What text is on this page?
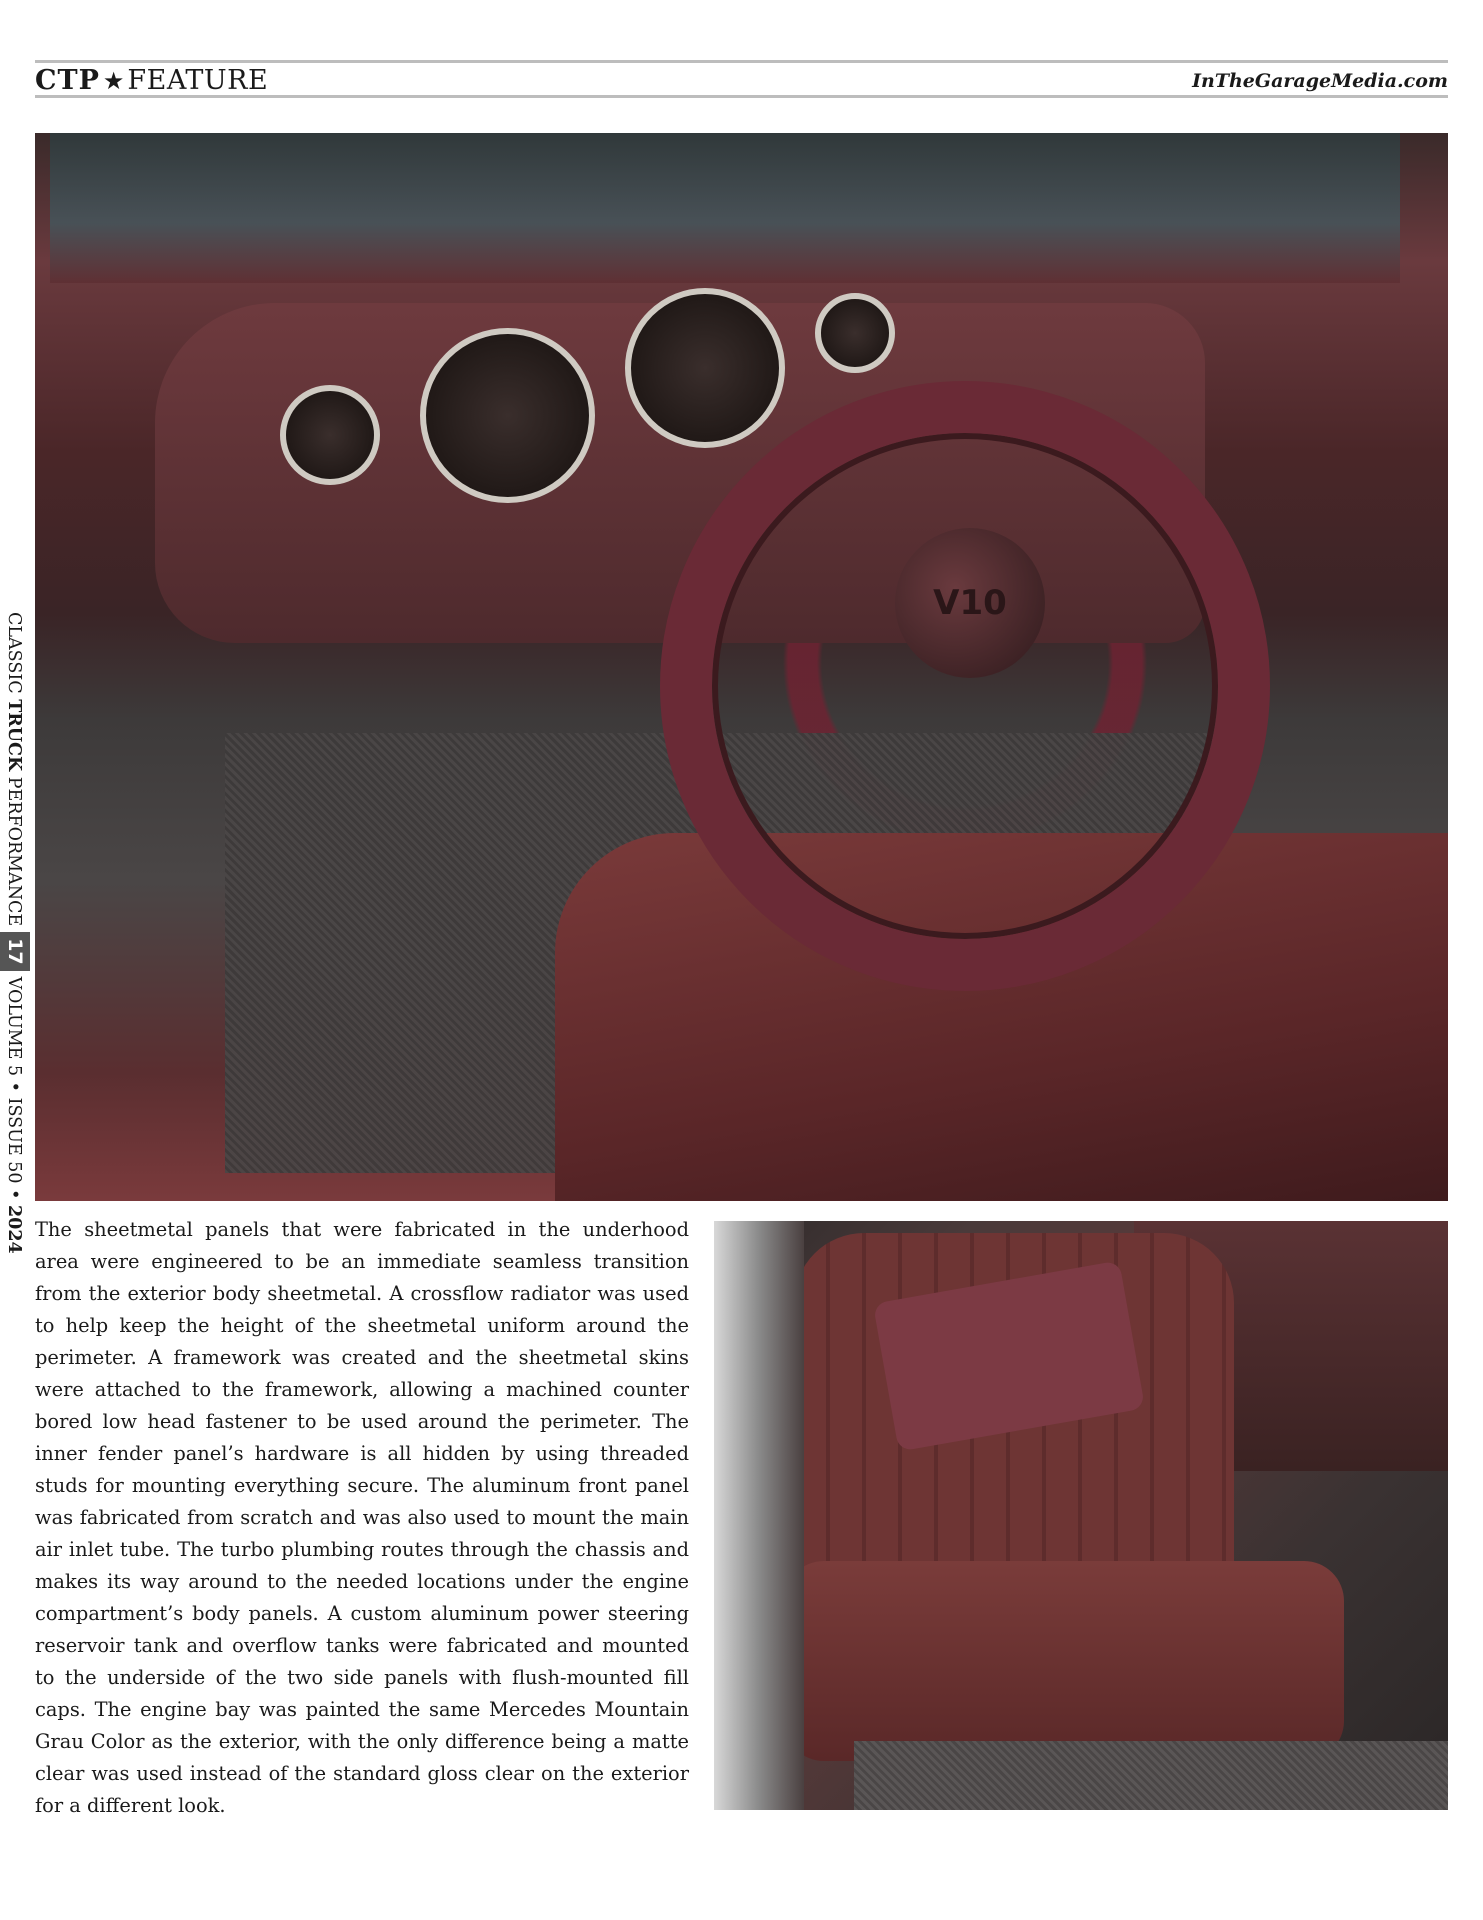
CTP ★ FEATURE	InTheGarageMedia.com
V10

The sheetmetal panels that were fabricated in the underhood area were engineered to be an immediate seamless transition from the exterior body sheetmetal. A crossflow radiator was used to help keep the height of the sheetmetal uniform around the perimeter. A framework was created and the sheetmetal skins were attached to the framework, allowing a machined counter bored low head fastener to be used around the perimeter. The inner fender panel’s hardware is all hidden by using threaded studs for mounting everything secure. The aluminum front panel was fabricated from scratch and was also used to mount the main air inlet tube. The turbo plumbing routes through the chassis and makes its way around to the needed locations under the engine compartment’s body panels. A custom aluminum power steering reservoir tank and overflow tanks were fabricated and mounted to the underside of the two side panels with flush-mounted fill caps. The engine bay was painted the same Mercedes Mountain Grau Color as the exterior, with the only difference being a matte clear was used instead of the standard gloss clear on the exterior for a different look.

CLASSIC TRUCK PERFORMANCE17VOLUME 5 • ISSUE 50 • 2024
